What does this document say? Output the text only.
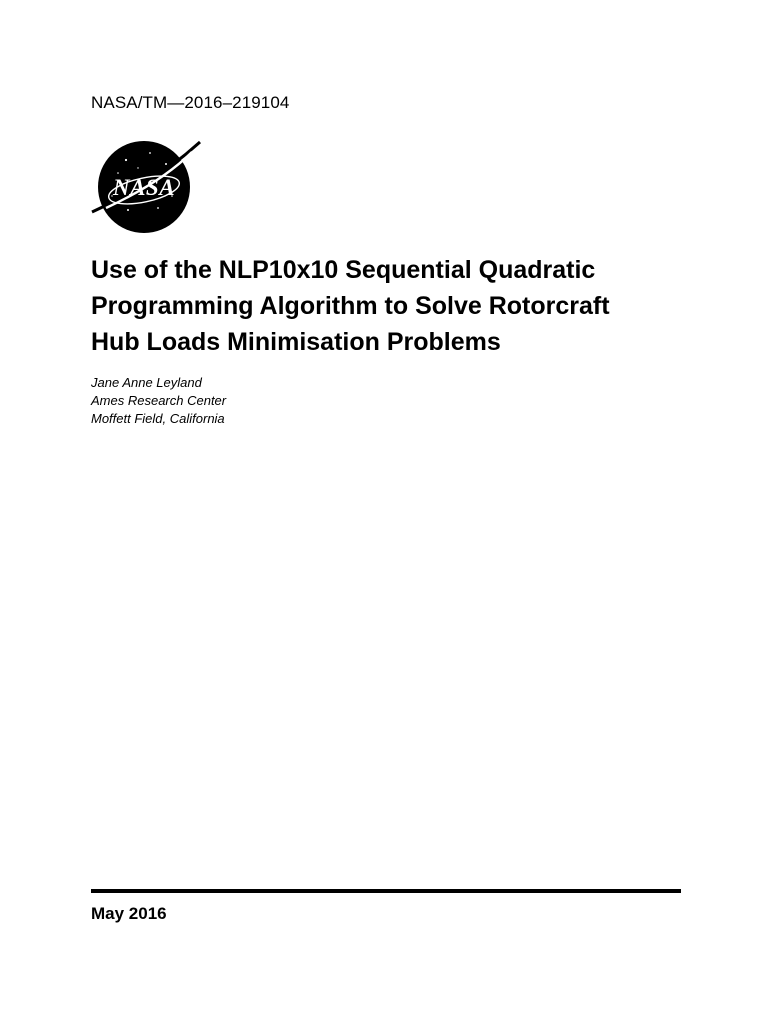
NASA/TM—2016–219104
NASA
Use of the NLP10x10 Sequential Quadratic
Programming Algorithm to Solve Rotorcraft
Hub Loads Minimisation Problems
Jane Anne Leyland
Ames Research Center
Moffett Field, California
May 2016
